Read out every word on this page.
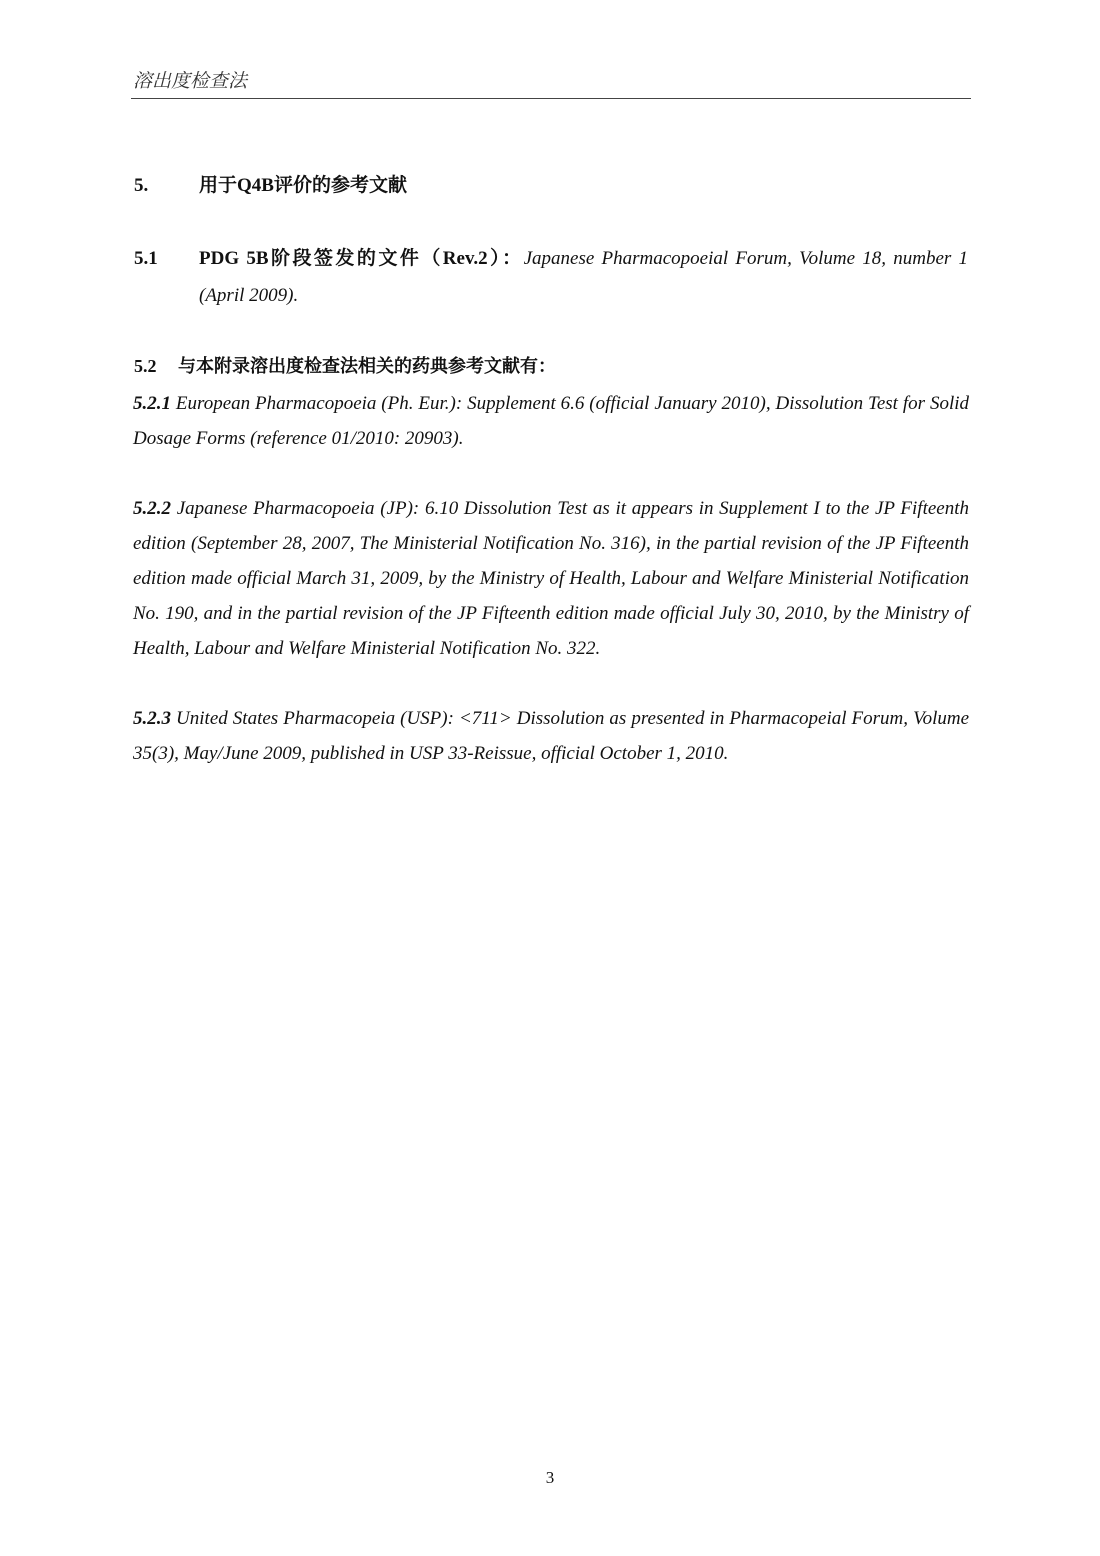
溶出度检查法
5.	用于Q4B评价的参考文献
5.1 PDG 5B阶段签发的文件（Rev.2）：Japanese Pharmacopoeial Forum, Volume 18, number 1 (April 2009).
5.2 与本附录溶出度检查法相关的药典参考文献有：
5.2.1 European Pharmacopoeia (Ph. Eur.): Supplement 6.6 (official January 2010), Dissolution Test for Solid Dosage Forms (reference 01/2010: 20903).
5.2.2 Japanese Pharmacopoeia (JP): 6.10 Dissolution Test as it appears in Supplement I to the JP Fifteenth edition (September 28, 2007, The Ministerial Notification No. 316), in the partial revision of the JP Fifteenth edition made official March 31, 2009, by the Ministry of Health, Labour and Welfare Ministerial Notification No. 190, and in the partial revision of the JP Fifteenth edition made official July 30, 2010, by the Ministry of Health, Labour and Welfare Ministerial Notification No. 322.
5.2.3 United States Pharmacopeia (USP): <711> Dissolution as presented in Pharmacopeial Forum, Volume 35(3), May/June 2009, published in USP 33-Reissue, official October 1, 2010.
3
